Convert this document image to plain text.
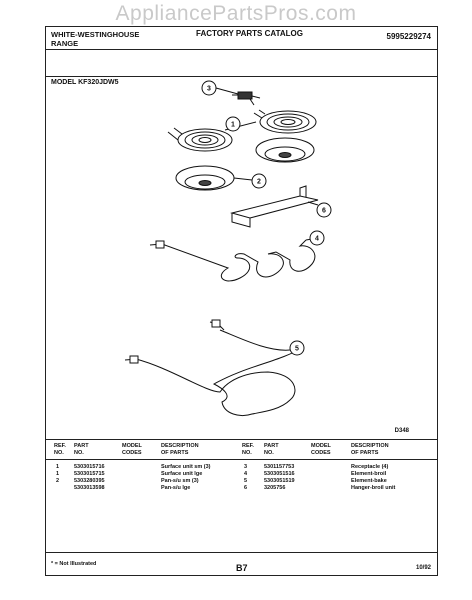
AppliancePartsPros.com
WHITE-WESTINGHOUSE RANGE
FACTORY PARTS CATALOG	5995229274
MODEL KF320JDW5
D348
REF.
NO.
PART
NO.
MODEL
CODES
DESCRIPTION
OF PARTS
REF.
NO.
PART
NO.
MODEL
CODES
DESCRIPTION
OF PARTS
1	5303015716	Surface unit sm (3)
1	5303015715	Surface unit lge
2	5303280395	Pan-s/u sm (3)
5303013598	Pan-s/u lge
3	5301157753	Receptacle (4)
4	5303051516	Element-broil
5	5303051519	Element-bake
6	3205756	Hanger-broil unit
* = Not Illustrated	B7	10/92
1
2
3
4
5
6
